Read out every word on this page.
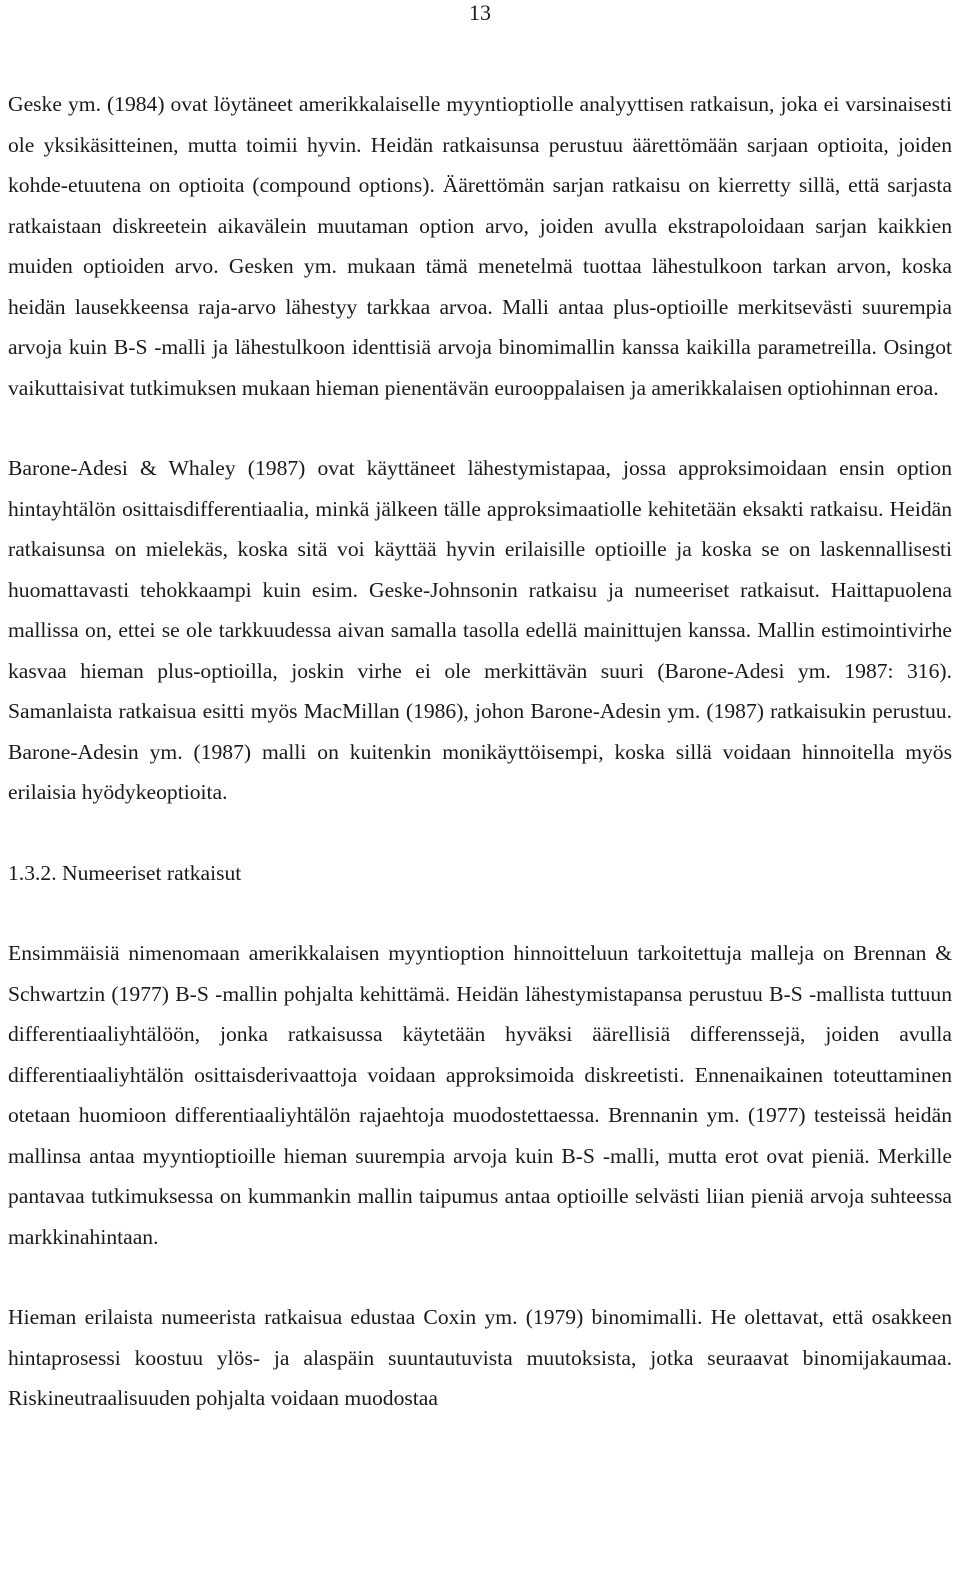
13

Geske ym. (1984) ovat löytäneet amerikkalaiselle myyntioptiolle analyyttisen ratkaisun, joka ei varsinaisesti ole yksikäsitteinen, mutta toimii hyvin. Heidän ratkaisunsa perustuu äärettömään sarjaan optioita, joiden kohde-etuutena on optioita (compound options). Äärettömän sarjan ratkaisu on kierretty sillä, että sarjasta ratkaistaan diskreetein aikavälein muutaman option arvo, joiden avulla ekstrapoloidaan sarjan kaikkien muiden optioiden arvo. Gesken ym. mukaan tämä menetelmä tuottaa lähestulkoon tarkan arvon, koska heidän lausekkeensa raja-arvo lähestyy tarkkaa arvoa. Malli antaa plus-optioille merkitsevästi suurempia arvoja kuin B-S -malli ja lähestulkoon identtisiä arvoja binomimallin kanssa kaikilla parametreilla. Osingot vaikuttaisivat tutkimuksen mukaan hieman pienentävän eurooppalaisen ja amerikkalaisen optiohinnan eroa.

Barone-Adesi & Whaley (1987) ovat käyttäneet lähestymistapaa, jossa approksimoidaan ensin option hintayhtälön osittaisdifferentiaalia, minkä jälkeen tälle approksimaatiolle kehitetään eksakti ratkaisu. Heidän ratkaisunsa on mielekäs, koska sitä voi käyttää hyvin erilaisille optioille ja koska se on laskennallisesti huomattavasti tehokkaampi kuin esim. Geske-Johnsonin ratkaisu ja numeeriset ratkaisut. Haittapuolena mallissa on, ettei se ole tarkkuudessa aivan samalla tasolla edellä mainittujen kanssa. Mallin estimointivirhe kasvaa hieman plus-optioilla, joskin virhe ei ole merkittävän suuri (Barone-Adesi ym. 1987: 316). Samanlaista ratkaisua esitti myös MacMillan (1986), johon Barone-Adesin ym. (1987) ratkaisukin perustuu. Barone-Adesin ym. (1987) malli on kuitenkin monikäyttöisempi, koska sillä voidaan hinnoitella myös erilaisia hyödykeoptioita.

1.3.2. Numeeriset ratkaisut

Ensimmäisiä nimenomaan amerikkalaisen myyntioption hinnoitteluun tarkoitettuja malleja on Brennan & Schwartzin (1977) B-S -mallin pohjalta kehittämä. Heidän lähestymistapansa perustuu B-S -mallista tuttuun differentiaaliyhtälöön, jonka ratkaisussa käytetään hyväksi äärellisiä differenssejä, joiden avulla differentiaaliyhtälön osittaisderivaattoja voidaan approksimoida diskreetisti. Ennenaikainen toteuttaminen otetaan huomioon differentiaaliyhtälön rajaehtoja muodostettaessa. Brennanin ym. (1977) testeissä heidän mallinsa antaa myyntioptioille hieman suurempia arvoja kuin B-S -malli, mutta erot ovat pieniä. Merkille pantavaa tutkimuksessa on kummankin mallin taipumus antaa optioille selvästi liian pieniä arvoja suhteessa markkinahintaan.

Hieman erilaista numeerista ratkaisua edustaa Coxin ym. (1979) binomimalli. He olettavat, että osakkeen hintaprosessi koostuu ylös- ja alaspäin suuntautuvista muutoksista, jotka seuraavat binomijakaumaa. Riskineutraalisuuden pohjalta voidaan muodostaa
